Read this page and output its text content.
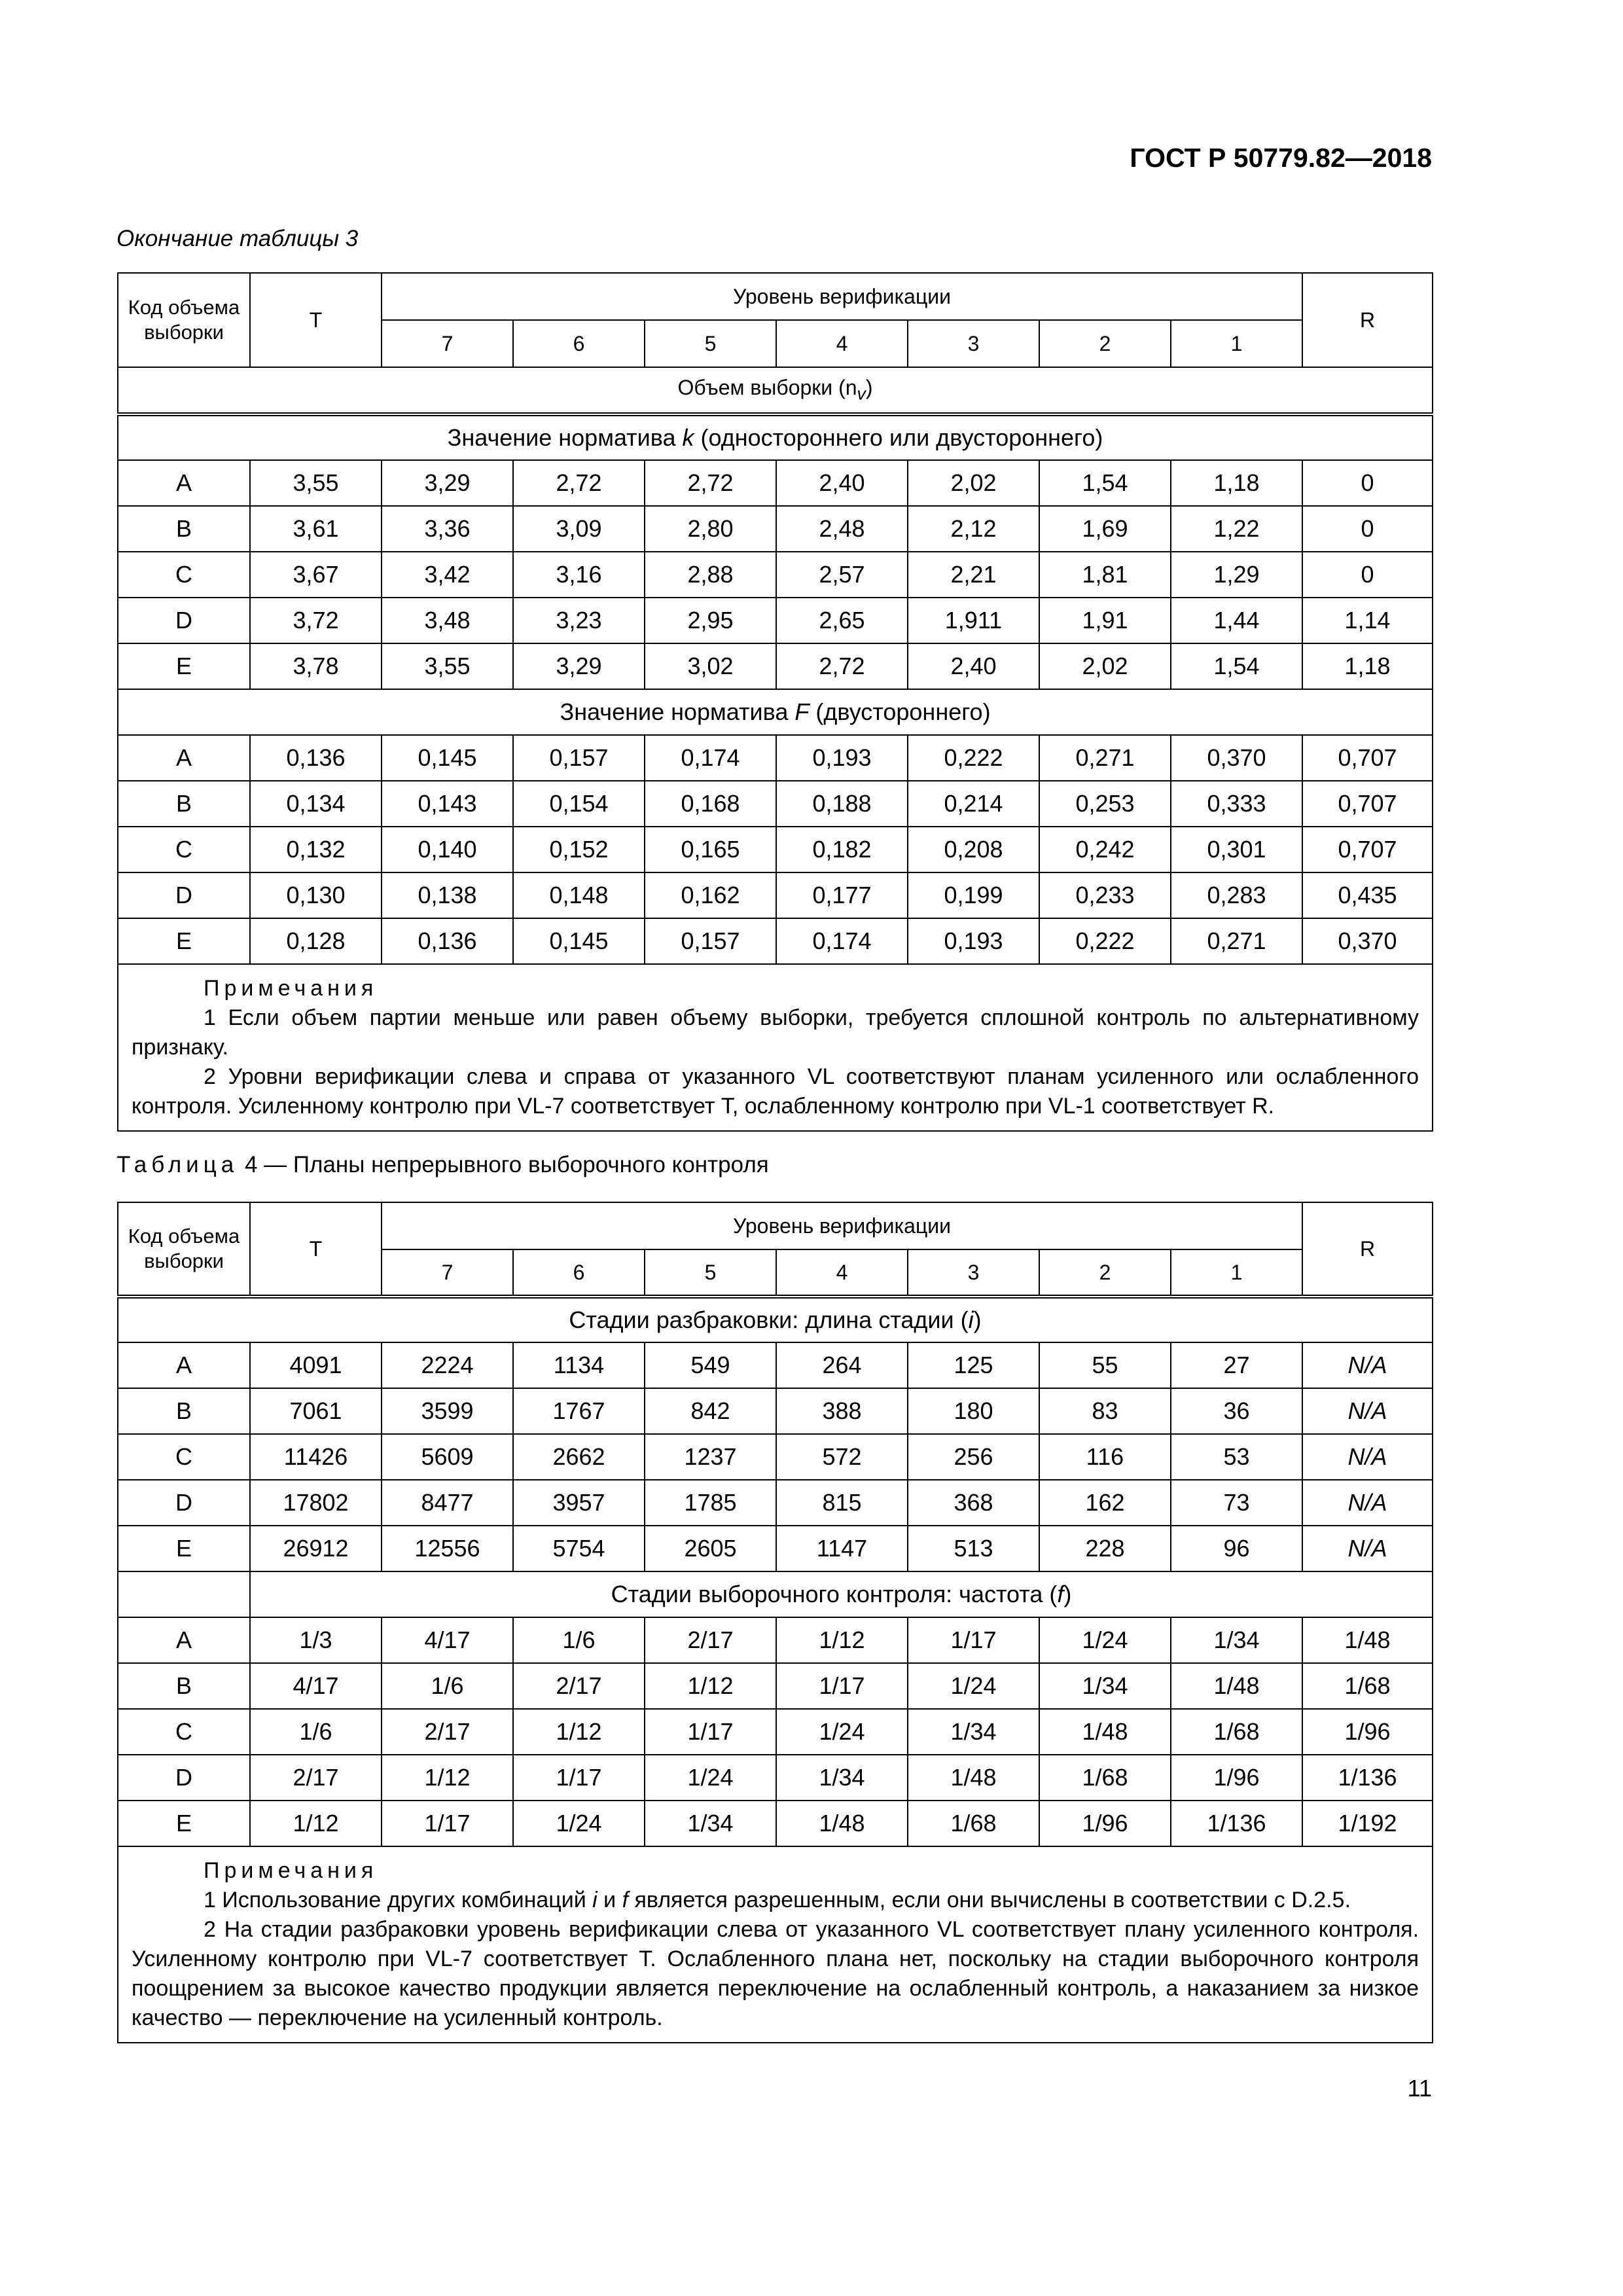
ГОСТ Р 50779.82—2018
Окончание таблицы 3
Код объема выборки	T	Уровень верификации							R
		7	6	5	4	3	2	1	
Объем выборки $(n_v)$									
Значение норматива k (одностороннего или двустороннего)									
A	3,55	3,29	2,72	2,72	2,40	2,02	1,54	1,18	0
B	3,61	3,36	3,09	2,80	2,48	2,12	1,69	1,22	0
C	3,67	3,42	3,16	2,88	2,57	2,21	1,81	1,29	0
D	3,72	3,48	3,23	2,95	2,65	1,911	1,91	1,44	1,14
E	3,78	3,55	3,29	3,02	2,72	2,40	2,02	1,54	1,18
Значение норматива F (двустороннего)									
A	0,136	0,145	0,157	0,174	0,193	0,222	0,271	0,370	0,707
B	0,134	0,143	0,154	0,168	0,188	0,214	0,253	0,333	0,707
C	0,132	0,140	0,152	0,165	0,182	0,208	0,242	0,301	0,707
D	0,130	0,138	0,148	0,162	0,177	0,199	0,233	0,283	0,435
E	0,128	0,136	0,145	0,157	0,174	0,193	0,222	0,271	0,370

Примечания

1 Если объем партии меньше или равен объему выборки, требуется сплошной контроль по альтернативному признаку.

2 Уровни верификации слева и справа от указанного VL соответствуют планам усиленного или ослабленного контроля. Усиленному контролю при VL-7 соответствует T, ослабленному контролю при VL-1 соответствует R.									

Таблица 4 — Планы непрерывного выборочного контроля
Код объема выборки	T	Уровень верификации							R
		7	6	5	4	3	2	1	
Стадии разбраковки: длина стадии (i)									
A	4091	2224	1134	549	264	125	55	27	N/A
B	7061	3599	1767	842	388	180	83	36	N/A
C	11426	5609	2662	1237	572	256	116	53	N/A
D	17802	8477	3957	1785	815	368	162	73	N/A
E	26912	12556	5754	2605	1147	513	228	96	N/A
	Стадии выборочного контроля: частота (f)								
A	1/3	4/17	1/6	2/17	1/12	1/17	1/24	1/34	1/48
B	4/17	1/6	2/17	1/12	1/17	1/24	1/34	1/48	1/68
C	1/6	2/17	1/12	1/17	1/24	1/34	1/48	1/68	1/96
D	2/17	1/12	1/17	1/24	1/34	1/48	1/68	1/96	1/136
E	1/12	1/17	1/24	1/34	1/48	1/68	1/96	1/136	1/192

Примечания

1 Использование других комбинаций i и f является разрешенным, если они вычислены в соответствии с D.2.5.

2 На стадии разбраковки уровень верификации слева от указанного VL соответствует плану усиленного контроля. Усиленному контролю при VL-7 соответствует T. Ослабленного плана нет, поскольку на стадии выборочного контроля поощрением за высокое качество продукции является переключение на ослабленный контроль, а наказанием за низкое качество — переключение на усиленный контроль.									

11
